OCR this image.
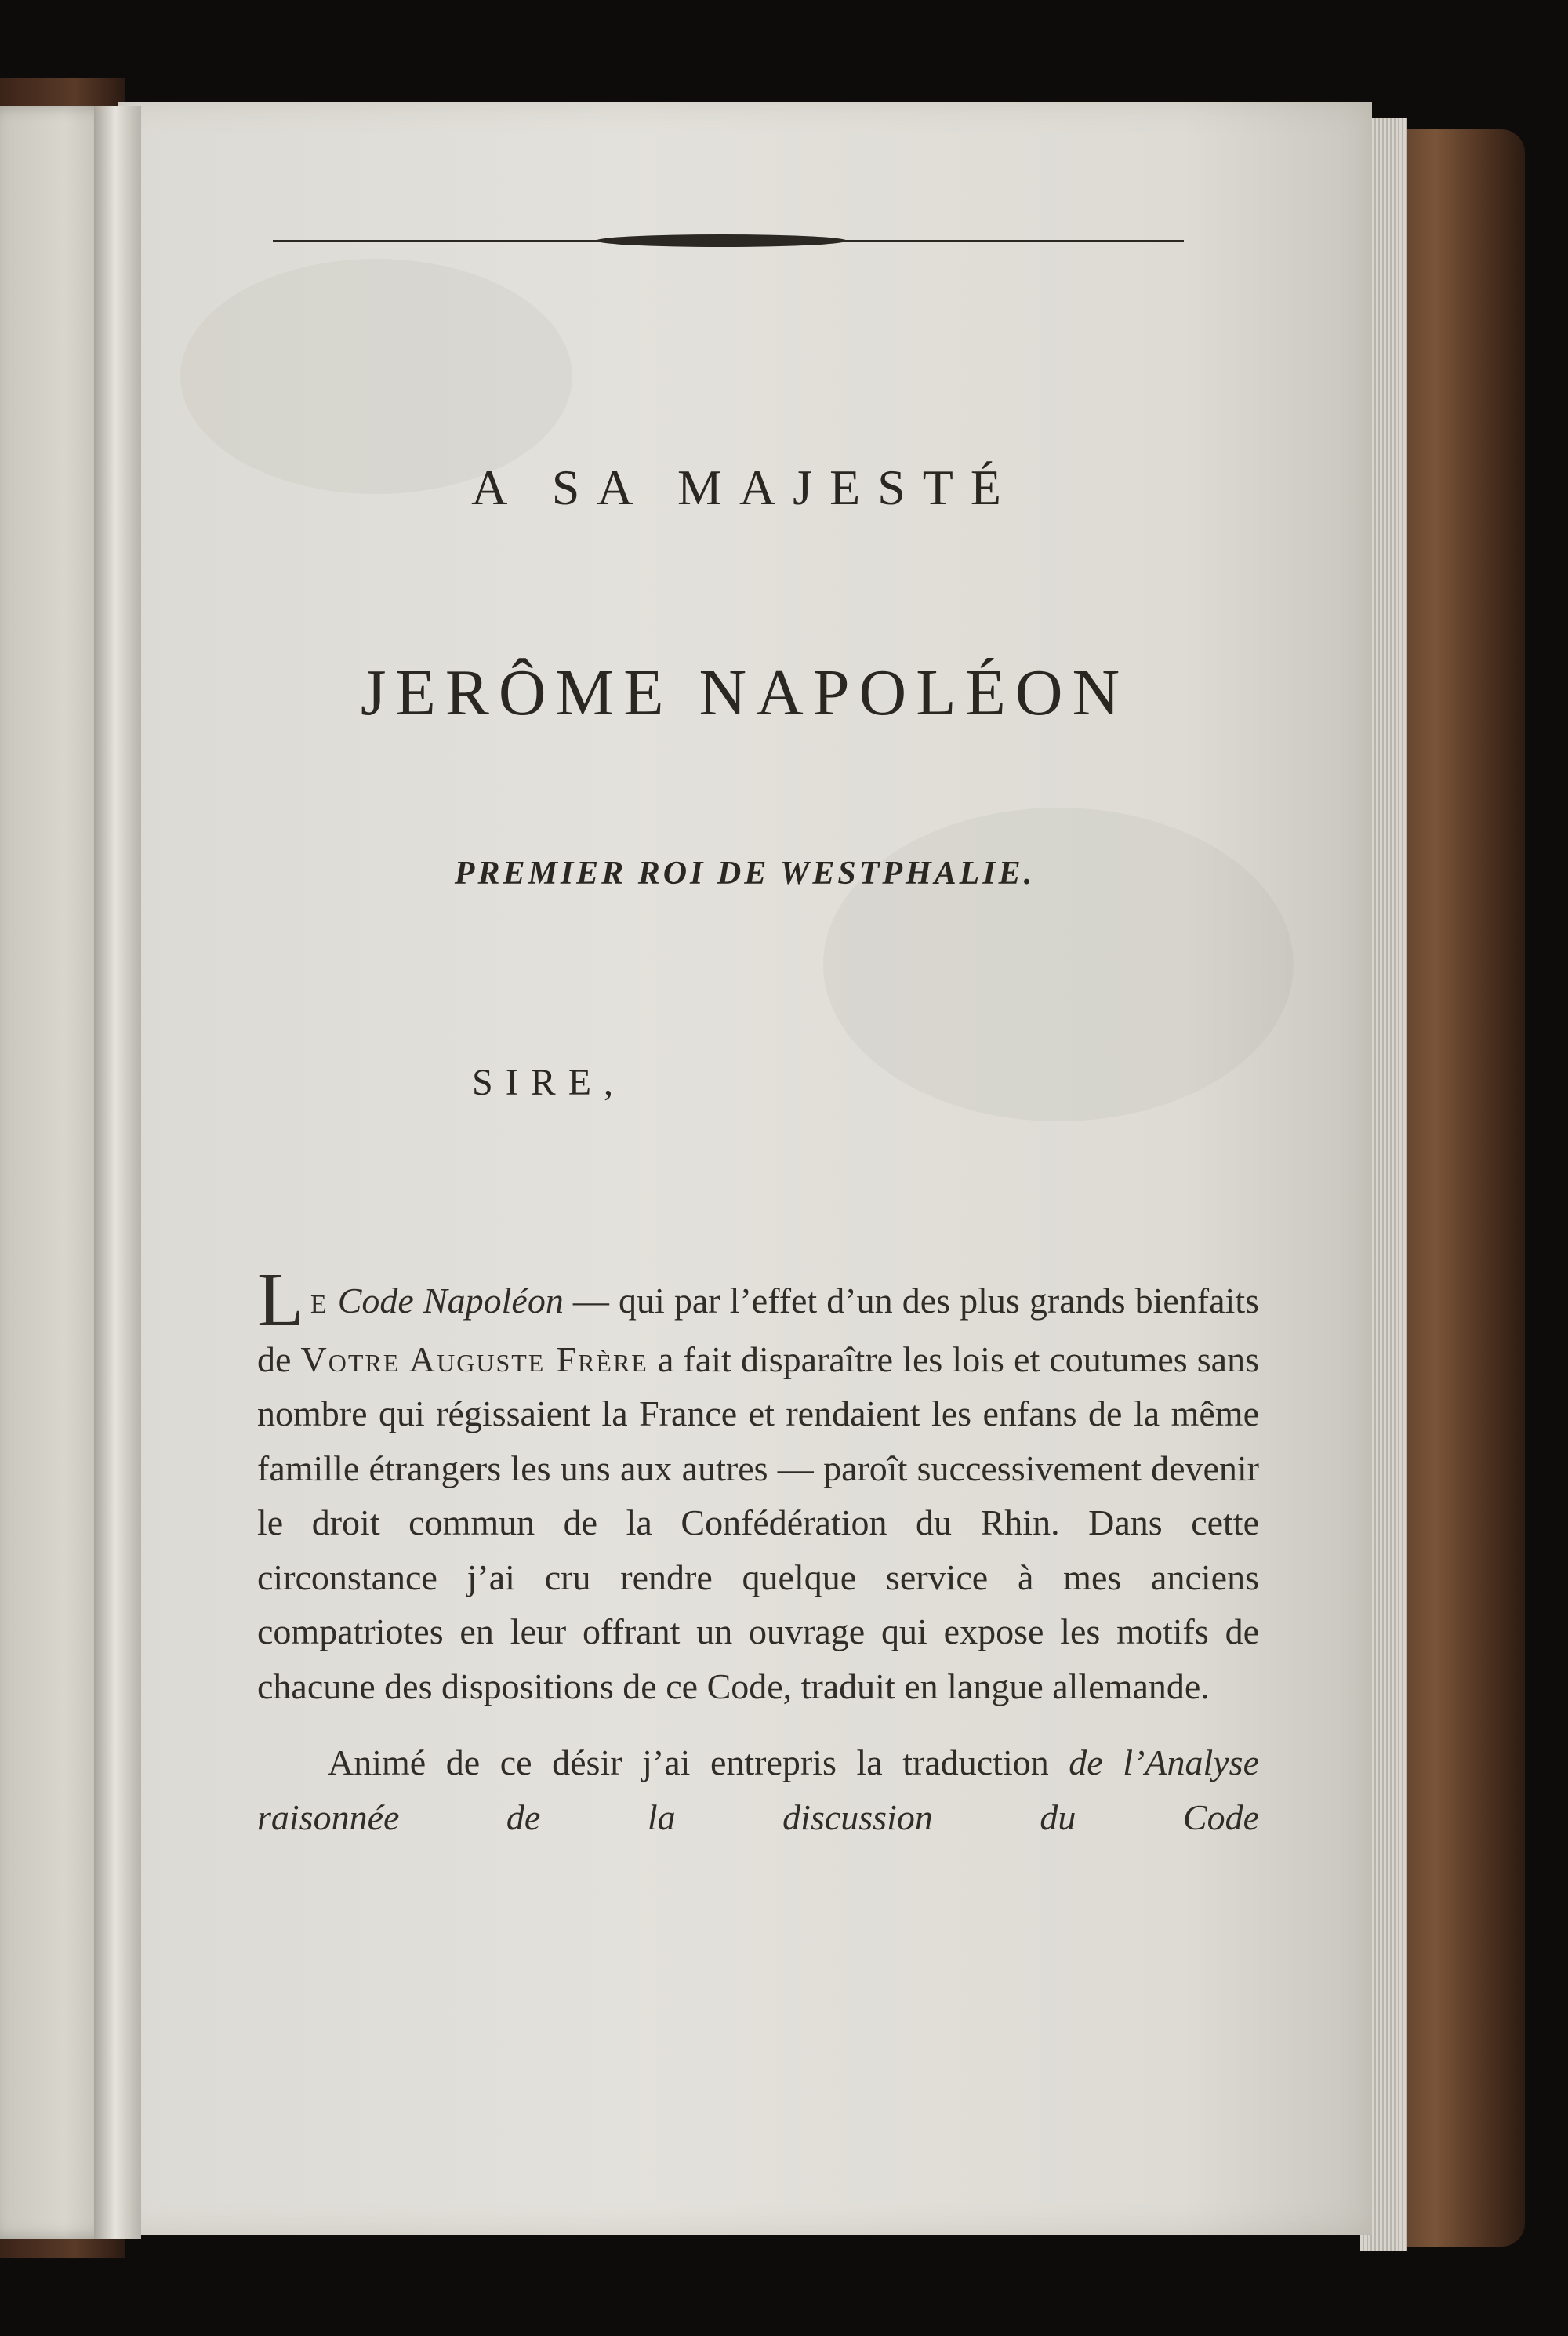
A SA MAJESTÉ
JERÔME NAPOLÉON
PREMIER ROI DE WESTPHALIE.
SIRE,

L E Code Napoléon — qui par l’effet d’un des plus grands bienfaits de Votre Auguste Frère a fait disparaître les lois et coutumes sans nombre qui régissaient la France et rendaient les enfans de la même famille étrangers les uns aux autres — paroît successivement devenir le droit commun de la Confédération du Rhin. Dans cette circonstance j’ai cru rendre quelque service à mes anciens compatriotes en leur offrant un ouvrage qui expose les motifs de chacune des dispositions de ce Code, traduit en langue allemande.

Animé de ce désir j’ai entrepris la traduction de l’Analyse raisonnée de la discussion du Code
